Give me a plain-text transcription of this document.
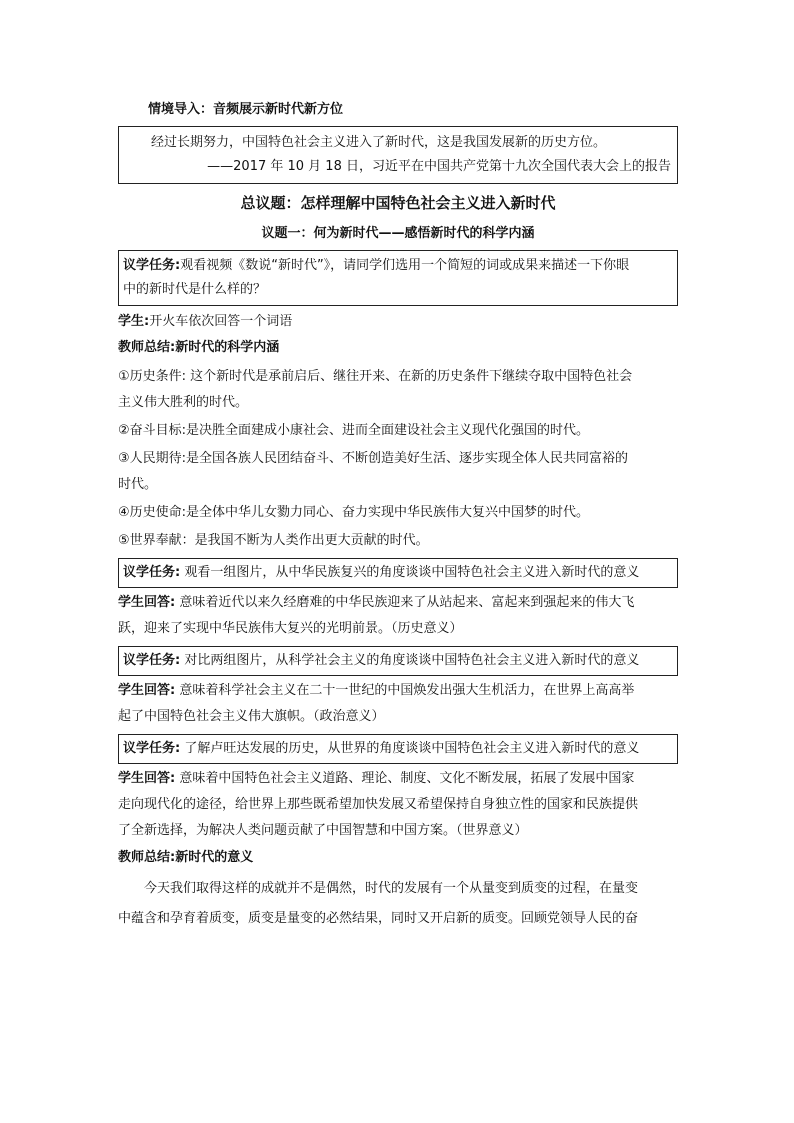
情境导入：音频展示新时代新方位
经过长期努力，中国特色社会主义进入了新时代，这是我国发展新的历史方位。
——2017 年 10 月 18 日，习近平在中国共产党第十九次全国代表大会上的报告
总议题：怎样理解中国特色社会主义进入新时代
议题一：何为新时代——感悟新时代的科学内涵
议学任务:观看视频《数说“新时代”》，请同学们选用一个简短的词或成果来描述一下你眼
中的新时代是什么样的？
学生:开火车依次回答一个词语
教师总结:新时代的科学内涵
①历史条件: 这个新时代是承前启后、继往开来、在新的历史条件下继续夺取中国特色社会
主义伟大胜利的时代。
②奋斗目标:是决胜全面建成小康社会、进而全面建设社会主义现代化强国的时代。
③人民期待:是全国各族人民团结奋斗、不断创造美好生活、逐步实现全体人民共同富裕的
时代。
④历史使命:是全体中华儿女勠力同心、奋力实现中华民族伟大复兴中国梦的时代。
⑤世界奉献：是我国不断为人类作出更大贡献的时代。
议学任务: 观看一组图片，从中华民族复兴的角度谈谈中国特色社会主义进入新时代的意义
学生回答: 意味着近代以来久经磨难的中华民族迎来了从站起来、富起来到强起来的伟大飞
跃，迎来了实现中华民族伟大复兴的光明前景。（历史意义）
议学任务: 对比两组图片，从科学社会主义的角度谈谈中国特色社会主义进入新时代的意义
学生回答: 意味着科学社会主义在二十一世纪的中国焕发出强大生机活力，在世界上高高举
起了中国特色社会主义伟大旗帜。（政治意义）
议学任务: 了解卢旺达发展的历史，从世界的角度谈谈中国特色社会主义进入新时代的意义
学生回答: 意味着中国特色社会主义道路、理论、制度、文化不断发展，拓展了发展中国家
走向现代化的途径，给世界上那些既希望加快发展又希望保持自身独立性的国家和民族提供
了全新选择，为解决人类问题贡献了中国智慧和中国方案。（世界意义）
教师总结:新时代的意义
今天我们取得这样的成就并不是偶然，时代的发展有一个从量变到质变的过程，在量变
中蕴含和孕育着质变，质变是量变的必然结果，同时又开启新的质变。回顾党领导人民的奋
